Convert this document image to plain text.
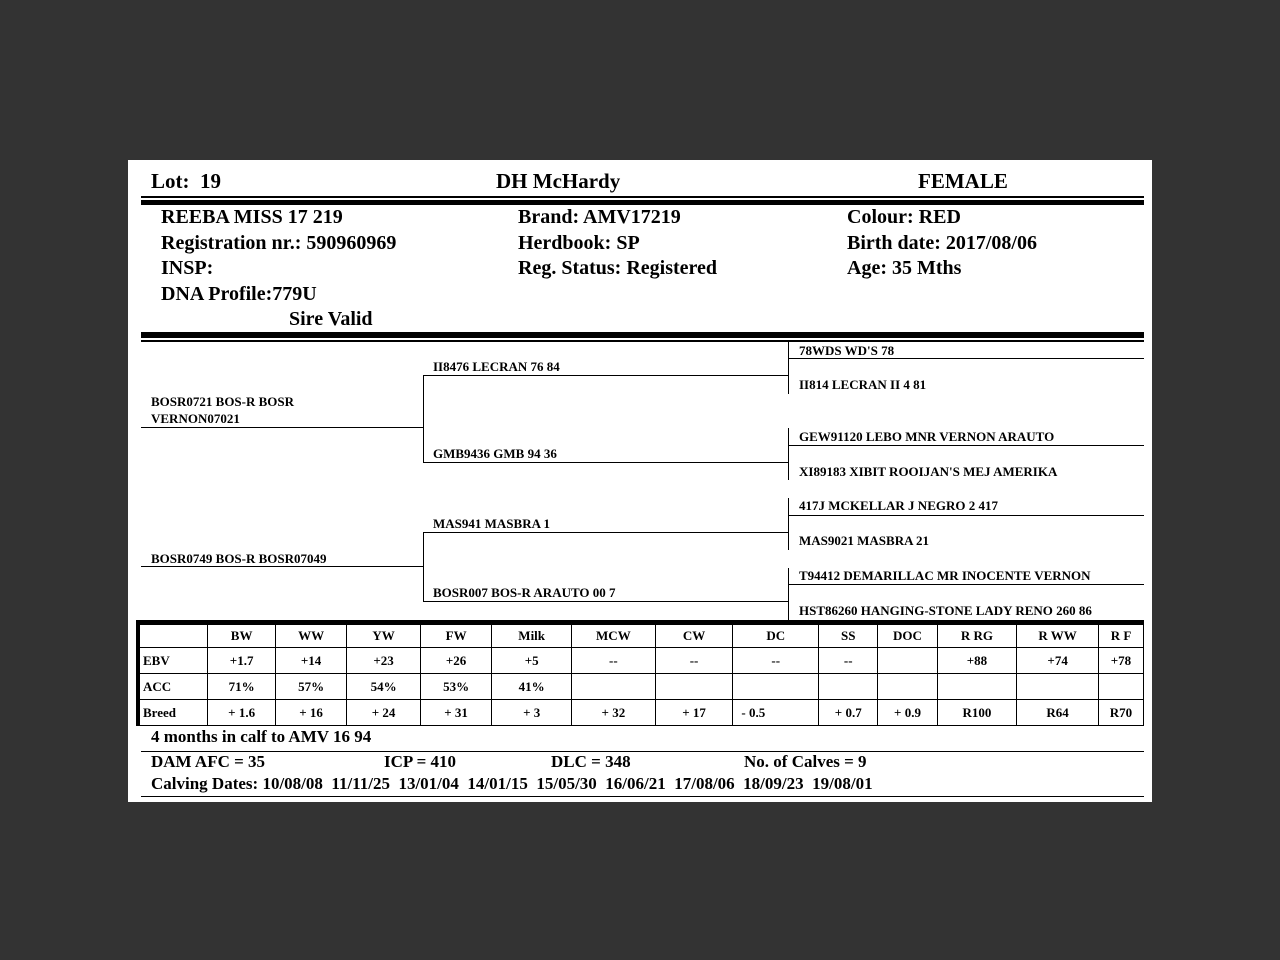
Lot: 19	DH McHardy	FEMALE
REEBA MISS 17 219
Registration nr.: 590960969
INSP:
DNA Profile:779U
Sire Valid
Brand: AMV17219
Herdbook: SP
Reg. Status: Registered
Colour: RED
Birth date: 2017/08/06
Age: 35 Mths
BOSR0721 BOS-R BOSR VERNON07021
BOSR0749 BOS-R BOSR07049
II8476 LECRAN 76 84
GMB9436 GMB 94 36
MAS941 MASBRA 1
BOSR007 BOS-R ARAUTO 00 7
78WDS WD'S 78
II814 LECRAN II 4 81
GEW91120 LEBO MNR VERNON ARAUTO
XI89183 XIBIT ROOIJAN'S MEJ AMERIKA
417J MCKELLAR J NEGRO 2 417
MAS9021 MASBRA 21
T94412 DEMARILLAC MR INOCENTE VERNON
HST86260 HANGING-STONE LADY RENO 260 86
	BW	WW	YW	FW	Milk	MCW	CW	DC	SS	DOC	R RG	R WW	R F
EBV	+1.7	+14	+23	+26	+5	--	--	--	--		+88	+74	+78
ACC	71%	57%	54%	53%	41%								
Breed	+ 1.6	+ 16	+ 24	+ 31	+ 3	+ 32	+ 17	- 0.5	+ 0.7	+ 0.9	R100	R64	R70
4 months in calf to AMV 16 94
DAM AFC = 35	ICP = 410	DLC = 348	No. of Calves = 9
Calving Dates: 10/08/08  11/11/25  13/01/04  14/01/15  15/05/30  16/06/21  17/08/06  18/09/23  19/08/01
